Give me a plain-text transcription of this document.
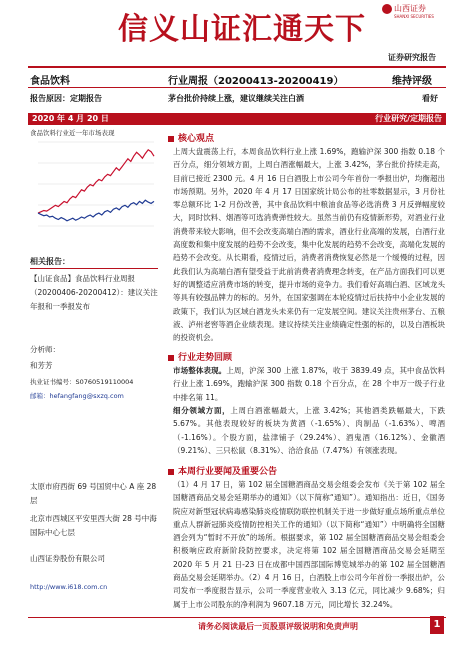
信义山证汇通天下
山西证券
SHANXI SECURITIES
证券研究报告
食品饮料	行业周报（20200413-20200419）	维持评级
报告原因：定期报告	茅台批价持续上涨，建议继续关注白酒	看好
2020 年 4 月 20 日	行业研究/定期报告
食品饮料行业近一年市场表现
相关报告：
【山证食品】食品饮料行业周报（20200406-20200412）：建议关注年报和一季报发布
分析师：
和芳芳
执业证书编号：S0760519110004
邮箱：hefangfang@sxzq.com
太原市府西街 69 号国贸中心 A 座 28 层
北京市西城区平安里西大街 28 号中海国际中心七层
山西证券股份有限公司
http://www.i618.com.cn
核心观点
上周大盘震荡上行，本周食品饮料行业上涨 1.69%，跑输沪深 300 指数 0.18 个百分点，细分领域方面，上周白酒涨幅最大，上涨 3.42%，茅台批价持续走高，目前已接近 2300 元。4 月 16 日白酒股上市公司今年首份一季报出炉，均衡超出市场预期。另外，2020 年 4 月 17 日国家统计局公布的社零数据显示，3 月份社零总额环比 1-2 月份改善，其中食品饮料中粮油食品等必选消费 3 月反弹幅度较大，同时饮料、烟酒等可选消费弹性较大。虽然当前仍有疫情新形势，对酒业行业消费带来较大影响，但不会改变高端白酒的需求，酒业行业高端的发展，白酒行业高度数和集中度发展的趋势不会改变，集中化发展的趋势不会改变，高端化发展的趋势不会改变。从长期看，疫情过后，消费者消费恢复必然是一个缓慢的过程，因此我们认为高端白酒有望受益于此前消费者消费理念转变，在产品方面我们可以更好的调整适应消费市场的转变，提升市场的竞争力。我们看好高端白酒、区域龙头等具有较强品牌力的标的。另外，在国家强调在本轮疫情过后扶持中小企业发展的政策下，我们认为区域白酒龙头未来仍有一定发展空间。建议关注贵州茅台、五粮液、泸州老窖等酒企业绩表现。建议持续关注业绩确定性强的标的，以及白酒板块的投资机会。
行业走势回顾
市场整体表现。上周，沪深 300 上涨 1.87%，收于 3839.49 点，其中食品饮料行业上涨 1.69%，跑输沪深 300 指数 0.18 个百分点，在 28 个申万一级子行业中排名第 11。
细分领域方面，上周白酒涨幅最大，上涨 3.42%；其他酒类跌幅最大，下跌 5.67%。其他表现较好的板块为黄酒（-1.65%）、肉制品（-1.63%）、啤酒（-1.16%）。个股方面，盐津铺子（29.24%）、酒鬼酒（16.12%）、金徽酒（9.21%）、三只松鼠（8.31%）、洽洽食品（7.47%）有领涨表现。
本周行业要闻及重要公告
（1）4 月 17 日，第 102 届全国糖酒商品交易会组委会发布《关于第 102 届全国糖酒商品交易会延期举办的通知》（以下简称“通知”）。通知指出：近日，《国务院应对新型冠状病毒感染肺炎疫情联防联控机制关于进一步做好重点场所重点单位重点人群新冠肺炎疫情防控相关工作的通知》（以下简称“通知”）中明确将全国糖酒会列为“暂时不开放”的场所。根据要求，第 102 届全国糖酒商品交易会组委会积极响应政府新阶段防控要求，决定将第 102 届全国糖酒商品交易会延期至 2020 年 5 月 21 日-23 日在成都中国西部国际博览城举办的第 102 届全国糖酒商品交易会延期举办。（2）4 月 16 日，白酒股上市公司今年首份一季报出炉，公司发布一季度报告显示，公司一季度营业收入 3.13 亿元，同比减少 9.68%；归属于上市公司股东的净利润为 9607.18 万元，同比增长 32.24%。
请务必阅读最后一页股票评级说明和免责声明	1
